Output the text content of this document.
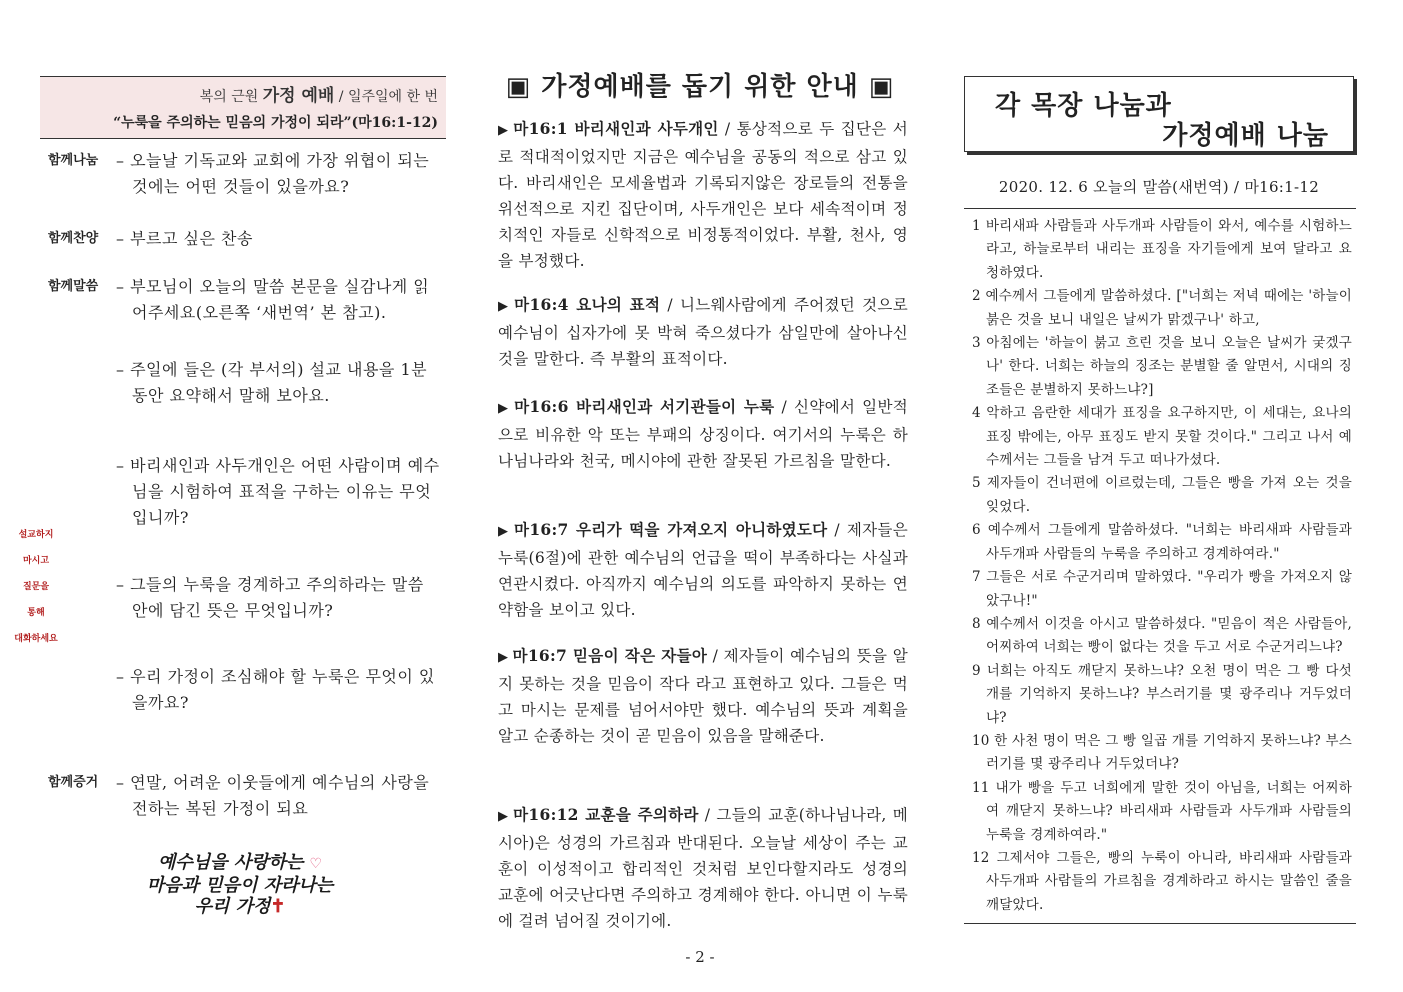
복의 근원 가정 예배 / 일주일에 한 번
“누룩을 주의하는 믿음의 가정이 되라”(마16:1-12)
함께나눔 – 오늘날 기독교와 교회에 가장 위협이 되는 것에는 어떤 것들이 있을까요?
함께찬양 – 부르고 싶은 찬송
함께말씀 – 부모님이 오늘의 말씀 본문을 실감나게 읽어주세요(오른쪽 ‘새번역’ 본 참고).
– 주일에 들은 (각 부서의) 설교 내용을 1분 동안 요약해서 말해 보아요.
– 바리새인과 사두개인은 어떤 사람이며 예수님을 시험하여 표적을 구하는 이유는 무엇입니까?
– 그들의 누룩을 경계하고 주의하라는 말씀 안에 담긴 뜻은 무엇입니까?
– 우리 가정이 조심해야 할 누룩은 무엇이 있을까요?
함께증거 – 연말, 어려운 이웃들에게 예수님의 사랑을 전하는 복된 가정이 되요
설교하지
마시고
질문을
통해
대화하세요
예수님을 사랑하는 ♡
마음과 믿음이 자라나는
우리 가정✝
▣ 가정예배를 돕기 위한 안내 ▣
▶ 마16:1 바리새인과 사두개인 / 통상적으로 두 집단은 서로 적대적이었지만 지금은 예수님을 공동의 적으로 삼고 있다. 바리새인은 모세율법과 기록되지않은 장로들의 전통을 위선적으로 지킨 집단이며, 사두개인은 보다 세속적이며 정치적인 자들로 신학적으로 비정통적이었다. 부활, 천사, 영을 부정했다.
▶ 마16:4 요나의 표적 / 니느웨사람에게 주어졌던 것으로 예수님이 십자가에 못 박혀 죽으셨다가 삼일만에 살아나신 것을 말한다. 즉 부활의 표적이다.
▶ 마16:6 바리새인과 서기관들이 누룩 / 신약에서 일반적으로 비유한 악 또는 부패의 상징이다. 여기서의 누룩은 하나님나라와 천국, 메시야에 관한 잘못된 가르침을 말한다.
▶ 마16:7 우리가 떡을 가져오지 아니하였도다 / 제자들은 누룩(6절)에 관한 예수님의 언급을 떡이 부족하다는 사실과 연관시켰다. 아직까지 예수님의 의도를 파악하지 못하는 연약함을 보이고 있다.
▶ 마16:7 믿음이 작은 자들아 / 제자들이 예수님의 뜻을 알지 못하는 것을 믿음이 작다 라고 표현하고 있다. 그들은 먹고 마시는 문제를 넘어서야만 했다. 예수님의 뜻과 계획을 알고 순종하는 것이 곧 믿음이 있음을 말해준다.
▶ 마16:12 교훈을 주의하라 / 그들의 교훈(하나님나라, 메시아)은 성경의 가르침과 반대된다. 오늘날 세상이 주는 교훈이 이성적이고 합리적인 것처럼 보인다할지라도 성경의 교훈에 어긋난다면 주의하고 경계해야 한다. 아니면 이 누룩에 걸려 넘어질 것이기에.
- 2 -
각 목장 나눔과
가정예배 나눔
2020. 12. 6 오늘의 말씀(새번역) / 마16:1-12
1 바리새파 사람들과 사두개파 사람들이 와서, 예수를 시험하느라고, 하늘로부터 내리는 표징을 자기들에게 보여 달라고 요청하였다.
2 예수께서 그들에게 말씀하셨다. ["너희는 저녁 때에는 '하늘이 붉은 것을 보니 내일은 날씨가 맑겠구나' 하고,
3 아침에는 '하늘이 붉고 흐린 것을 보니 오늘은 날씨가 궂겠구나' 한다. 너희는 하늘의 징조는 분별할 줄 알면서, 시대의 징조들은 분별하지 못하느냐?]
4 악하고 음란한 세대가 표징을 요구하지만, 이 세대는, 요나의 표징 밖에는, 아무 표징도 받지 못할 것이다." 그리고 나서 예수께서는 그들을 남겨 두고 떠나가셨다.
5 제자들이 건너편에 이르렀는데, 그들은 빵을 가져 오는 것을 잊었다.
6 예수께서 그들에게 말씀하셨다. "너희는 바리새파 사람들과 사두개파 사람들의 누룩을 주의하고 경계하여라."
7 그들은 서로 수군거리며 말하였다. "우리가 빵을 가져오지 않았구나!"
8 예수께서 이것을 아시고 말씀하셨다. "믿음이 적은 사람들아, 어찌하여 너희는 빵이 없다는 것을 두고 서로 수군거리느냐?
9 너희는 아직도 깨닫지 못하느냐? 오천 명이 먹은 그 빵 다섯 개를 기억하지 못하느냐? 부스러기를 몇 광주리나 거두었더냐?
10 한 사천 명이 먹은 그 빵 일곱 개를 기억하지 못하느냐? 부스러기를 몇 광주리나 거두었더냐?
11 내가 빵을 두고 너희에게 말한 것이 아님을, 너희는 어찌하여 깨닫지 못하느냐? 바리새파 사람들과 사두개파 사람들의 누룩을 경계하여라."
12 그제서야 그들은, 빵의 누룩이 아니라, 바리새파 사람들과 사두개파 사람들의 가르침을 경계하라고 하시는 말씀인 줄을 깨달았다.
